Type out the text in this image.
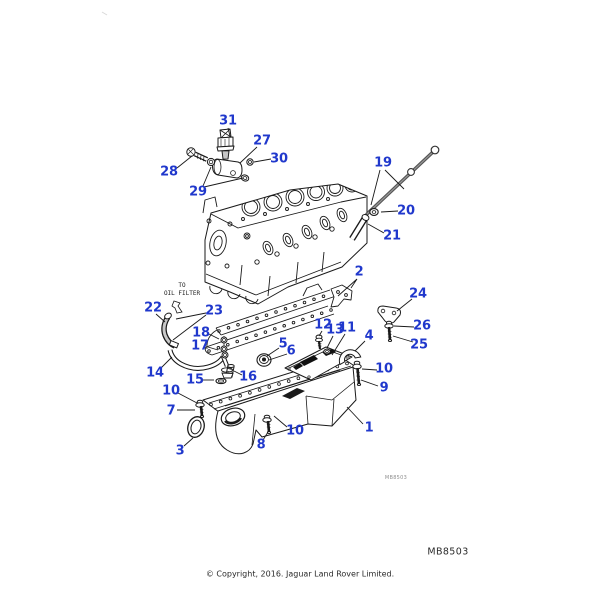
1
2
3
4
5 6
7
8
9
10
10
10
11
12
13
14 15	16
17
18
19
20
21
22	23
24
25
26
27
28
29
30
31
TO
OIL FILTER
MB8503
MB8503
© Copyright, 2016. Jaguar Land Rover Limited.
